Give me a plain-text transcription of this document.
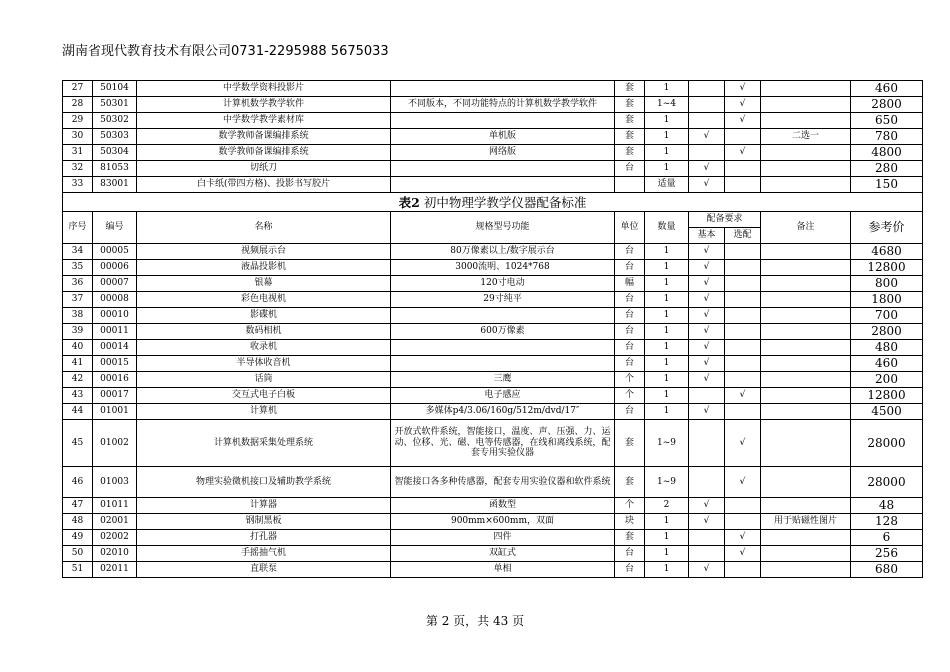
湖南省现代教育技术有限公司0731-2295988 5675033
27	50104	中学数学资料投影片		套	1		√		460
28	50301	计算机数学教学软件	不同版本，不同功能特点的计算机数学教学软件	套	1~4		√		2800
29	50302	中学数学教学素材库		套	1		√		650
30	50303	数学教师备课编排系统	单机版	套	1	√		二选一	780
31	50304	数学教师备课编排系统	网络版	套	1		√		4800
32	81053	切纸刀		台	1	√			280
33	83001	白卡纸(带四方格)、投影书写胶片			适量	√			150
表2 初中物理学教学仪器配备标准									
序号	编号	名称	规格型号功能	单位	数量	配备要求		备注	参考价
						基本	选配		
34	00005	视频展示台	80万像素以上/数字展示台	台	1	√			4680
35	00006	液晶投影机	3000流明、1024*768	台	1	√			12800
36	00007	银幕	120寸电动	幅	1	√			800
37	00008	彩色电视机	29寸纯平	台	1	√			1800
38	00010	影碟机		台	1	√			700
39	00011	数码相机	600万像素	台	1	√			2800
40	00014	收录机		台	1	√			480
41	00015	半导体收音机		台	1	√			460
42	00016	话筒	三鹰	个	1	√			200
43	00017	交互式电子白板	电子感应	个	1		√		12800
44	01001	计算机	多媒体p4/3.06/160g/512m/dvd/17″	台	1	√			4500
45	01002	计算机数据采集处理系统	开放式软件系统，智能接口，温度、声、压强、力、运动、位移、光、磁、电等传感器，在线和离线系统，配套专用实验仪器	套	1~9		√		28000
46	01003	物理实验微机接口及辅助教学系统	智能接口各多种传感器，配套专用实验仪器和软件系统	套	1~9		√		28000
47	01011	计算器	函数型	个	2	√			48
48	02001	钢制黑板	900mm×600mm，双面	块	1	√		用于贴磁性图片	128
49	02002	打孔器	四件	套	1		√		6
50	02010	手摇抽气机	双缸式	台	1		√		256
51	02011	直联泵	单相	台	1	√			680
第 2 页，共 43 页
